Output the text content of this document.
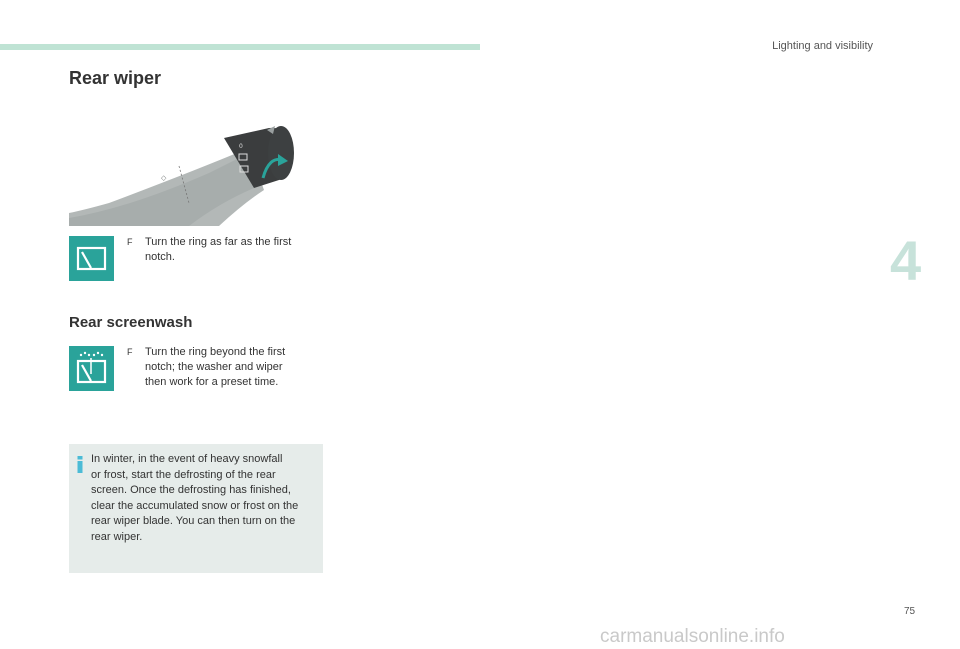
Lighting and visibility
Rear wiper
0
◇
F Turn the ring as far as the first
notch.
Rear screenwash
F Turn the ring beyond the first
notch; the washer and wiper
then work for a preset time.
In winter, in the event of heavy snowfall
or frost, start the defrosting of the rear
screen. Once the defrosting has finished,
clear the accumulated snow or frost on the
rear wiper blade. You can then turn on the
rear wiper.
4
75
carmanualsonline.info
